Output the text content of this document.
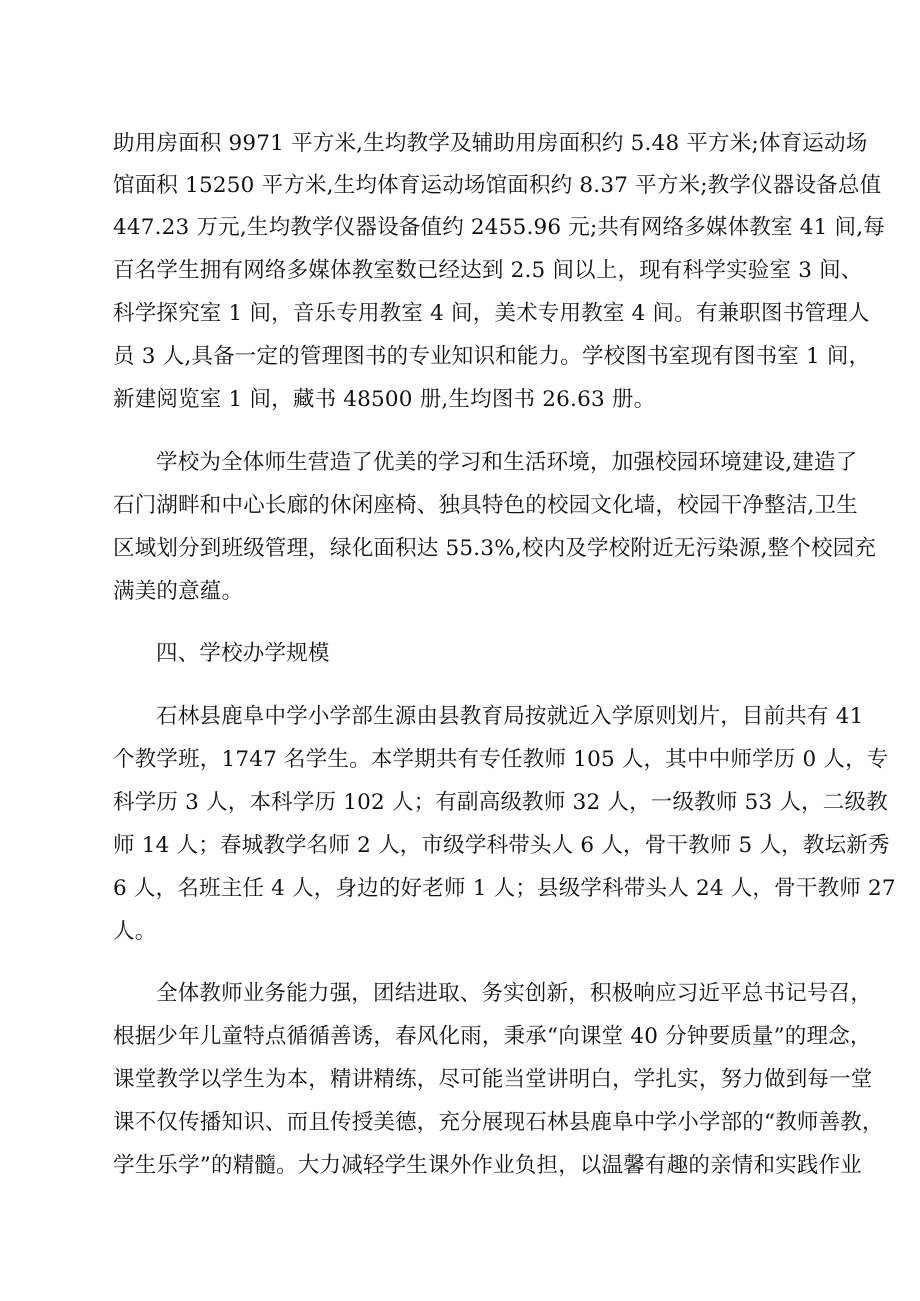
助用房面积 9971 平方米,生均教学及辅助用房面积约 5.48 平方米;体育运动场
馆面积 15250 平方米,生均体育运动场馆面积约 8.37 平方米;教学仪器设备总值
447.23 万元,生均教学仪器设备值约 2455.96 元;共有网络多媒体教室 41 间,每
百名学生拥有网络多媒体教室数已经达到 2.5 间以上，现有科学实验室 3 间、
科学探究室 1 间，音乐专用教室 4 间，美术专用教室 4 间。有兼职图书管理人
员 3 人,具备一定的管理图书的专业知识和能力。学校图书室现有图书室 1 间，
新建阅览室 1 间，藏书 48500 册,生均图书 26.63 册。
学校为全体师生营造了优美的学习和生活环境，加强校园环境建设,建造了
石门湖畔和中心长廊的休闲座椅、独具特色的校园文化墙，校园干净整洁,卫生
区域划分到班级管理，绿化面积达 55.3%,校内及学校附近无污染源,整个校园充
满美的意蕴。
四、学校办学规模
石林县鹿阜中学小学部生源由县教育局按就近入学原则划片，目前共有 41
个教学班，1747 名学生。本学期共有专任教师 105 人，其中中师学历 0 人，专
科学历 3 人，本科学历 102 人；有副高级教师 32 人，一级教师 53 人，二级教
师 14 人；春城教学名师 2 人，市级学科带头人 6 人，骨干教师 5 人，教坛新秀
6 人，名班主任 4 人，身边的好老师 1 人；县级学科带头人 24 人，骨干教师 27
人。
全体教师业务能力强，团结进取、务实创新，积极响应习近平总书记号召，
根据少年儿童特点循循善诱，春风化雨，秉承“向课堂 40 分钟要质量”的理念，
课堂教学以学生为本，精讲精练，尽可能当堂讲明白，学扎实，努力做到每一堂
课不仅传播知识、而且传授美德，充分展现石林县鹿阜中学小学部的“教师善教，
学生乐学”的精髓。大力减轻学生课外作业负担，以温馨有趣的亲情和实践作业
